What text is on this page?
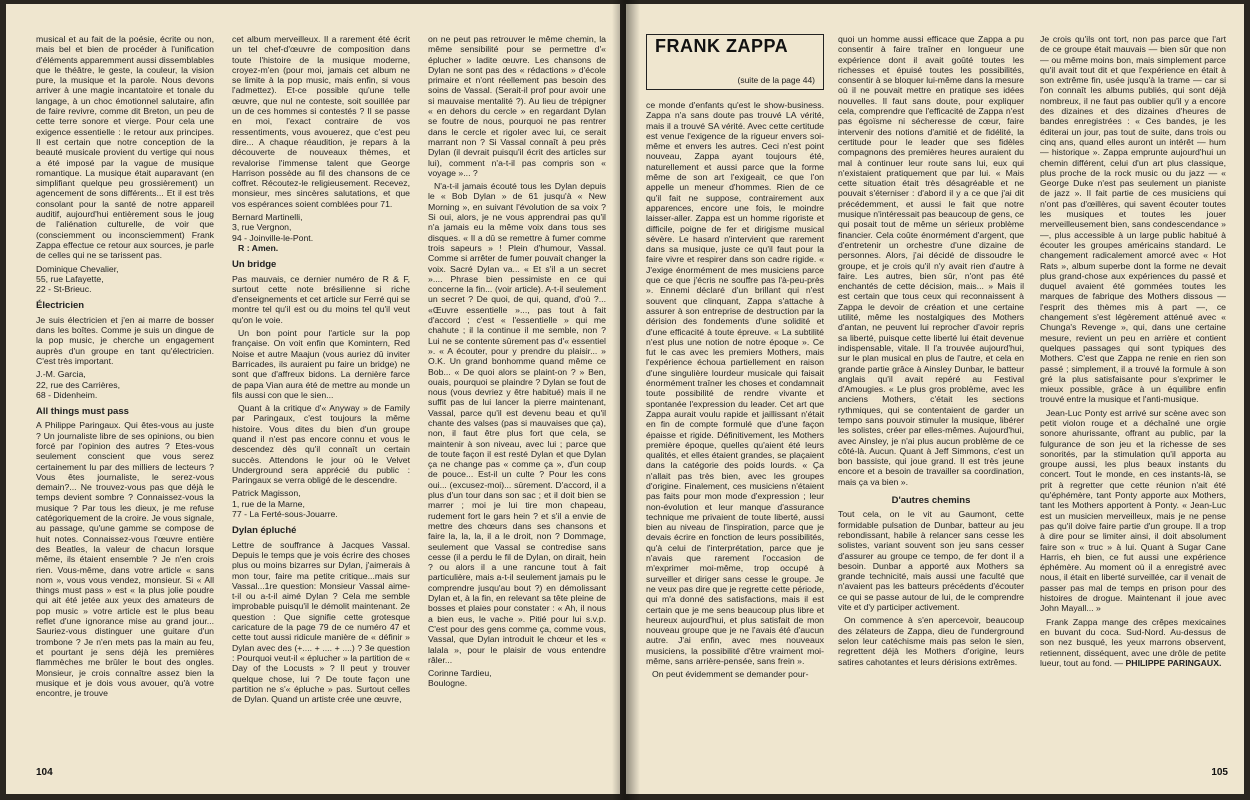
musical et au fait de la poésie, écrite ou non, mais bel et bien de procéder à l'unification d'éléments apparemment aussi dissemblables que le théâtre, le geste, la couleur, la vision pure, la musique et la parole. Nous devons arriver à une magie incantatoire et tonale du langage, à un choc émotionnel salutaire, afin de faire revivre, comme dit Breton, un peu de cette terre sonore et vierge. Pour cela une exigence essentielle : le retour aux principes. Il est certain que notre conception de la beauté musicale provient du vertige qui nous a été imposé par la vague de musique romantique. La musique était auparavant (en simplifiant quelque peu grossièrement) un agencement de sons différents... Et il est très consolant pour la santé de notre appareil auditif, aujourd'hui entièrement sous le joug de l'aliénation culturelle, de voir que (consciemment ou inconsciemment) Frank Zappa effectue ce retour aux sources, je parle de celles qui ne se tarissent pas.

Dominique Chevalier,

55, rue Lafayette,

22 - St-Brieuc.

Électricien

Je suis électricien et j'en ai marre de bosser dans les boîtes. Comme je suis un dingue de la pop music, je cherche un engagement auprès d'un groupe en tant qu'électricien. C'est très important.

J.-M. Garcia,

22, rue des Carrières,

68 - Didenheim.

All things must pass

A Philippe Paringaux. Qui êtes-vous au juste ? Un journaliste libre de ses opinions, ou bien forcé par l'opinion des autres ? Etes-vous seulement conscient que vous serez certainement lu par des milliers de lecteurs ? Vous êtes journaliste, le serez-vous demain?... Ne trouvez-vous pas que déjà le temps devient sombre ? Connaissez-vous la musique ? Par tous les dieux, je me refuse catégoriquement de la croire. Je vous signale, au passage, qu'une gamme se compose de huit notes. Connaissez-vous l'œuvre entière des Beatles, la valeur de chacun lorsque même, ils étaient ensemble ? Je n'en crois rien. Vous-même, dans votre article « sans nom », vous vous vendez, monsieur. Si « All things must pass » est « la plus jolie poudre qui ait été jetée aux yeux des amateurs de pop music » votre article est le plus beau reflet d'une ignorance mise au grand jour... Sauriez-vous distinguer une guitare d'un trombone ? Je n'en mets pas la main au feu, et pourtant je sens déjà les premières flammèches me brûler le bout des ongles. Monsieur, je crois connaître assez bien la musique et je dois vous avouer, qu'à votre encontre, je trouve

cet album merveilleux. Il a rarement été écrit un tel chef-d'œuvre de composition dans toute l'histoire de la musique moderne, croyez-m'en (pour moi, jamais cet album ne se limite à la pop music, mais enfin, si vous l'admettez). Et-ce possible qu'une telle œuvre, que nul ne conteste, soit souillée par un de ces hommes si contestés ? Il se passe en moi, l'exact contraire de vos ressentiments, vous avouerez, que c'est peu dire... A chaque réaudition, je repars à la découverte de nouveaux thèmes, et revalorise l'immense talent que George Harrison possède au fil des chansons de ce coffret. Récoutez-le religieusement. Recevez, monsieur, mes sincères salutations, et que vos espérances soient comblées pour 71.

Bernard Martinelli,

3, rue Vergnon,

94 - Joinville-le-Pont.

R : Amen.

Un bridge

Pas mauvais, ce dernier numéro de R & F, surtout cette note brésilienne si riche d'enseignements et cet article sur Ferré qui se montre tel qu'il est ou du moins tel qu'il veut qu'on le voie.

Un bon point pour l'article sur la pop française. On voit enfin que Komintern, Red Noise et autre Maajun (vous auriez dû inviter Barricades, ils auraient pu faire un bridge) ne sont que d'affreux bidons. La dernière farce de papa Vian aura été de mettre au monde un fils aussi con que le sien...

Quant à la critique d'« Anyway » de Family par Paringaux, c'est toujours la même histoire. Vous dites du bien d'un groupe quand il n'est pas encore connu et vous le descendez dès qu'il connaît un certain succès. Attendons le jour où le Velvet Underground sera apprécié du public : Paringaux se verra obligé de le descendre.

Patrick Magisson,

1, rue de la Marne,

77 - La Ferté-sous-Jouarre.

Dylan épluché

Lettre de souffrance à Jacques Vassal. Depuis le temps que je vois écrire des choses plus ou moins bizarres sur Dylan, j'aimerais à mon tour, faire ma petite critique...mais sur Vassal...1re question: Monsieur Vassal aime-t-il ou a-t-il aimé Dylan ? Cela me semble improbable puisqu'il le démolit maintenant. 2e question : Que signifie cette grotesque caricature de la page 79 de ce numéro 47 et cette tout aussi ridicule manière de « définir » Dylan avec des (+.... + .... + ....) ? 3e question : Pourquoi veut-il « éplucher » la partition de « Day of the Locusts » ? Il peut y trouver quelque chose, lui ? De toute façon une partition ne s'« épluche » pas. Surtout celles de Dylan. Quand un artiste crée une œuvre,

on ne peut pas retrouver le même chemin, la même sensibilité pour se permettre d'« éplucher » ladite œuvre. Les chansons de Dylan ne sont pas des « rédactions » d'école primaire et n'ont réellement pas besoin des soins de Vassal. (Serait-il prof pour avoir une si mauvaise mentalité ?). Au lieu de trépigner « en dehors du cercle » en regardant Dylan se foutre de nous, pourquoi ne pas rentrer dans le cercle et rigoler avec lui, ce serait marrant non ? Si Vassal connaît à peu près Dylan (il devrait puisqu'il écrit des articles sur lui), comment n'a-t-il pas compris son « voyage »... ?

N'a-t-il jamais écouté tous les Dylan depuis le « Bob Dylan » de 61 jusqu'à « New Morning », en suivant l'évolution de sa voix ? Si oui, alors, je ne vous apprendrai pas qu'il n'a jamais eu la même voix dans tous ses disques. « Il a dû se remettre à fumer comme trois sapeurs » ! Plein d'humour, Vassal. Comme si arrêter de fumer pouvait changer la voix. Sacré Dylan va... « Et s'il a un secret ».... Phrase bien pessimiste en ce qui concerne la fin... (voir article). A-t-il seulement un secret ? De quoi, de qui, quand, d'où ?... «Œuvre essentielle »..., pas tout à fait d'accord ; c'est « l'essentielle » qui me chahute ; il la continue il me semble, non ? Lui ne se contente sûrement pas d'« essentiel ». « A écouter, pour y prendre du plaisir... » O.K. Un grand bonhomme quand même ce Bob... « De quoi alors se plaint-on ? » Ben, ouais, pourquoi se plaindre ? Dylan se fout de nous (vous devriez y être habitué) mais il ne suffit pas de lui lancer la pierre maintenant, Vassal, parce qu'il est devenu beau et qu'il chante des valses (pas si mauvaises que ça), non, il faut être plus fort que cela, se maintenir à son niveau, avec lui ; parce que de toute façon il est resté Dylan et que Dylan ça ne change pas « comme ça », d'un coup de pouce... Est-il un culte ? Pour les cons oui... (excusez-moi)... sûrement. D'accord, il a plus d'un tour dans son sac ; et il doit bien se marrer ; moi je lui tire mon chapeau, rudement fort le gars hein ? et s'il a envie de mettre des chœurs dans ses chansons et faire la, la, la, il a le droit, non ? Dommage, seulement que Vassal se contredise sans cesse (il a perdu le fil de Dylan, on dirait, hein ? ou alors il a une rancune tout à fait particulière, mais a-t-il seulement jamais pu le comprendre jusqu'au bout ?) en démolissant Dylan et, à la fin, en relevant sa tête pleine de bosses et plaies pour constater : « Ah, il nous a bien eus, le vache ». Pitié pour lui s.v.p. C'est pour des gens comme ça, comme vous, Vassal, que Dylan introduit le chœur et les « lalala », pour le plaisir de vous entendre râler...

Corinne Tardieu,

Boulogne.

104
FRANK ZAPPA
(suite de la page 44)

ce monde d'enfants qu'est le show-business. Zappa n'a sans doute pas trouvé LA vérité, mais il a trouvé SA vérité. Avec cette certitude est venue l'exigence de la rigueur envers soi-même et envers les autres. Ceci n'est point nouveau, Zappa ayant toujours été, naturellement et aussi parce que la forme même de son art l'exigeait, ce que l'on appelle un meneur d'hommes. Rien de ce qu'il fait ne suppose, contrairement aux apparences, encore une fois, le moindre laisser-aller. Zappa est un homme rigoriste et difficile, poigne de fer et dirigisme musical sévère. Le hasard n'intervient que rarement dans sa musique, juste ce qu'il faut pour la faire vivre et respirer dans son cadre rigide. « J'exige énormément de mes musiciens parce que ce que j'écris ne souffre pas l'à-peu-près ». Ennemi déclaré d'un brillant qui n'est souvent que clinquant, Zappa s'attache à assurer à son entreprise de destruction par la dérision des fondements d'une solidité et d'une efficacité à toute épreuve. « La subtilité n'est plus une notion de notre époque ». Ce fut le cas avec les premiers Mothers, mais l'expérience échoua partiellement en raison d'une singulière lourdeur musicale qui faisait énormément traîner les choses et condamnait toute possibilité de rendre vivante et spontanée l'expression du leader. Cet art que Zappa aurait voulu rapide et jaillissant n'était en fin de compte formulé que d'une façon épaisse et rigide. Définitivement, les Mothers première époque, quelles qu'aient été leurs qualités, et elles étaient grandes, se plaçaient dans la catégorie des poids lourds. « Ça n'allait pas très bien, avec les groupes d'origine. Finalement, ces musiciens n'étaient pas faits pour mon mode d'expression ; leur non-évolution et leur manque d'assurance technique me privaient de toute liberté, aussi bien au niveau de l'inspiration, parce que je devais écrire en fonction de leurs possibilités, qu'à celui de l'interprétation, parce que je n'avais que rarement l'occasion de m'exprimer moi-même, trop occupé à surveiller et diriger sans cesse le groupe. Je ne veux pas dire que je regrette cette période, qui m'a donné des satisfactions, mais il est certain que je me sens beaucoup plus libre et heureux aujourd'hui, et plus satisfait de mon nouveau groupe que je ne l'avais été d'aucun autre. J'ai enfin, avec mes nouveaux musiciens, la possibilité d'être vraiment moi-même, sans arrière-pensée, sans frein ».

On peut évidemment se demander pour-

quoi un homme aussi efficace que Zappa a pu consentir à faire traîner en longueur une expérience dont il avait goûté toutes les richesses et épuisé toutes les possibilités, consentir à se bloquer lui-même dans la mesure où il ne pouvait mettre en pratique ses idées nouvelles. Il faut sans doute, pour expliquer cela, comprendre que l'efficacité de Zappa n'est pas égoïsme ni sécheresse de cœur, faire intervenir des notions d'amitié et de fidélité, la certitude pour le leader que ses fidèles compagnons des premières heures auraient du mal à continuer leur route sans lui, eux qui n'existaient pratiquement que par lui. « Mais cette situation était très désagréable et ne pouvait s'éterniser : d'abord il y a ce que j'ai dit précédemment, et aussi le fait que notre musique n'intéressait pas beaucoup de gens, ce qui posait tout de même un sérieux problème financier. Cela coûte énormément d'argent, que d'entretenir un orchestre d'une dizaine de personnes. Alors, j'ai décidé de dissoudre le groupe, et je crois qu'il n'y avait rien d'autre à faire. Les autres, bien sûr, n'ont pas été enchantés de cette décision, mais... » Mais il est certain que tous ceux qui reconnaissent à Zappa le devoir de création et une certaine utilité, même les nostalgiques des Mothers d'antan, ne peuvent lui reprocher d'avoir repris sa liberté, puisque cette liberté lui était devenue indispensable, vitale. Il l'a trouvée aujourd'hui, sur le plan musical en plus de l'autre, et cela en grande partie grâce à Ainsley Dunbar, le batteur anglais qu'il avait repéré au Festival d'Amougies. « Le plus gros problème, avec les anciens Mothers, c'était les sections rythmiques, qui se contentaient de garder un tempo sans pouvoir stimuler la musique, libérer les solistes, créer par elles-mêmes. Aujourd'hui, avec Ainsley, je n'ai plus aucun problème de ce côté-là. Aucun. Quant à Jeff Simmons, c'est un bon bassiste, qui joue grand. Il est très jeune encore et a besoin de travailler sa coordination, mais ça va bien ».

D'autres chemins

Tout cela, on le vit au Gaumont, cette formidable pulsation de Dunbar, batteur au jeu rebondissant, habile à relancer sans cesse les solistes, variant souvent son jeu sans cesser d'assurer au groupe ce tempo, de fer dont il a besoin. Dunbar a apporté aux Mothers sa grande technicité, mais aussi une faculté que n'avaient pas les batteurs précédents d'écouter ce qui se passe autour de lui, de le comprendre vite et d'y participer activement.

On commence à s'en apercevoir, beaucoup des zélateurs de Zappa, dieu de l'underground selon leur catéchisme mais pas selon le sien, regrettent déjà les Mothers d'origine, leurs satires cahotantes et leurs dérisions extrêmes.

Je crois qu'ils ont tort, non pas parce que l'art de ce groupe était mauvais — bien sûr que non — ou même moins bon, mais simplement parce qu'il avait tout dit et que l'expérience en était à son extrême fin, usée jusqu'à la trame — car si l'on connaît les albums publiés, qui sont déjà nombreux, il ne faut pas oublier qu'il y a encore des dizaines et des dizaines d'heures de bandes enregistrées : « Ces bandes, je les éditerai un jour, pas tout de suite, dans trois ou cinq ans, quand elles auront un intérêt — hum — historique ». Zappa emprunte aujourd'hui un chemin différent, celui d'un art plus classique, plus proche de la rock music ou du jazz — « George Duke n'est pas seulement un pianiste de jazz ». Il fait partie de ces musiciens qui n'ont pas d'œillères, qui savent écouter toutes les musiques et toutes les jouer merveilleusement bien, sans condescendance » —, plus accessible à un large public habitué à écouter les groupes américains standard. Le changement radicalement amorcé avec « Hot Rats », album superbe dont la forme ne devait plus grand-chose aux expériences du passé et duquel avaient été gommées toutes les marques de fabrique des Mothers dissous — l'esprit des thèmes mis à part —, ce changement s'est légèrement atténué avec « Chunga's Revenge », qui, dans une certaine mesure, revient un peu en arrière et contient quelques passages qui sont typiques des Mothers. C'est que Zappa ne renie en rien son passé ; simplement, il a trouvé la formule à son gré la plus satisfaisante pour s'exprimer le mieux possible, grâce à un équilibre enfin trouvé entre la musique et l'anti-musique.

Jean-Luc Ponty est arrivé sur scène avec son petit violon rouge et a déchaîné une orgie sonore ahurissante, offrant au public, par la fulgurance de son jeu et la richesse de ses sonorités, par la stimulation qu'il apporta au groupe aussi, les plus beaux instants du concert. Tout le monde, en ces instants-là, se prit à regretter que cette réunion n'ait été qu'éphémère, tant Ponty apporte aux Mothers, tant les Mothers apportent à Ponty. « Jean-Luc est un musicien merveilleux, mais je ne pense pas qu'il doive faire partie d'un groupe. Il a trop à dire pour se limiter ainsi, il doit absolument faire son « truc » à lui. Quant à Sugar Cane Harris, eh bien, ce fut aussi une expérience éphémère. Au moment où il a enregistré avec nous, il était en liberté surveillée, car il venait de passer pas mal de temps en prison pour des histoires de drogue. Maintenant il joue avec John Mayall... »

Frank Zappa mange des crêpes mexicaines en buvant du coca. Sud-Nord. Au-dessus de son nez busqué, les yeux marrons observent, retiennent, disséquent, avec une drôle de petite lueur, tout au fond. — PHILIPPE PARINGAUX.

105
